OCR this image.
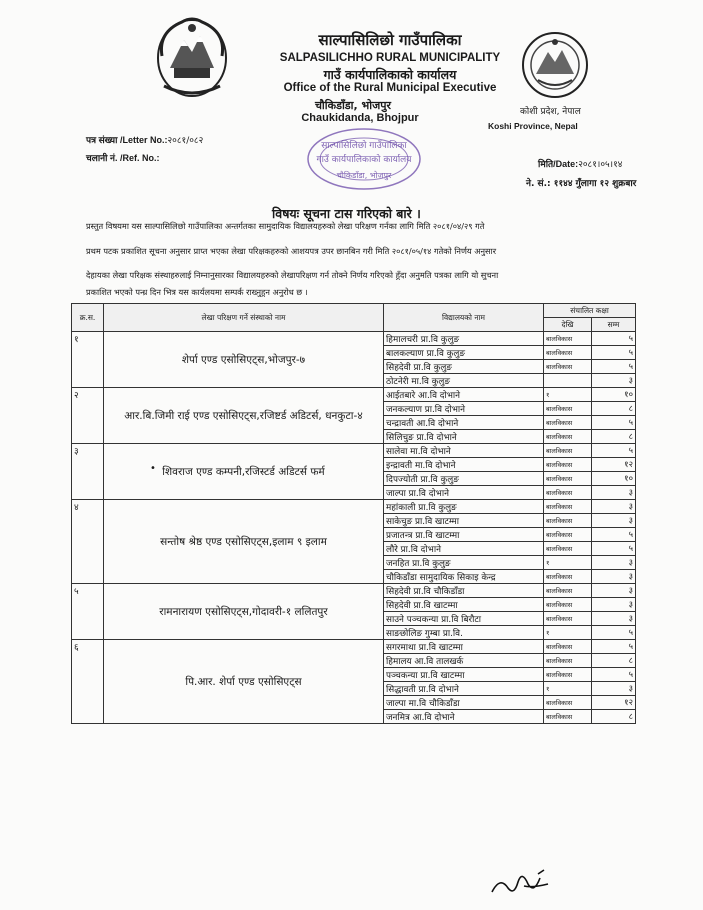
साल्पासिलिछो गाउँपालिका
SALPASILICHHO RURAL MUNICIPALITY
गाउँ कार्यपालिकाको कार्यालय
Office of the Rural Municipal Executive
चौकिडाँडा, भोजपुर
Chaukidanda, Bhojpur	कोशी प्रदेश, नेपाल
Koshi Province, Nepal
साल्पासिलिछो गाउँपालिका
गाउँ कार्यपालिकाको कार्यालय
चौकिडाँडा, भोजपुर
पत्र संख्या /Letter No.:२०८१/०८२
चलानी नं. /Ref. No.:
मिति/Date:२०८१।०५।१४
ने. सं.: ११४४ गुँलागा १२ शुक्रबार
विषयः सूचना टास गरिएको बारे ।
प्रस्तुत विषयमा यस साल्पासिलिछो गाउँपालिका अन्तर्गतका सामुदायिक विद्यालयहरुको लेखा परिक्षण गर्नका लागि मिति २०८१/०४/२९ गते
प्रथम पटक प्रकाशित सूचना अनुसार प्राप्त भएका लेखा परिक्षकहरुको आशयपत्र उपर छानबिन गरी मिति २०८१/०५/१४ गतेको निर्णय अनुसार
देहायका लेखा परिक्षक संस्थाहरुलाई निम्नानुसारका विद्यालयहरुको लेखापरिक्षण गर्न तोक्ने निर्णय गरिएको हुँदा अनुमति पत्रका लागि यो सुचना
प्रकाशित भएको पन्ध्र दिन भित्र यस कार्यलयमा सम्पर्क राख्नुहुन अनुरोध छ ।
क्र.स.	लेखा परिक्षण गर्ने संस्थाको नाम	विद्यालयको नाम	संचालित कक्षा	
			देखि	सम्म
१	शेर्पा एण्ड एसोसिएट्स,भोजपुर-७	हिमालचरी प्रा.वि कुलुङ	बालविकास	५
		बालकल्याण प्रा.वि कुलुङ	बालविकास	५
		सिहदेवी प्रा.वि कुलुङ	बालविकास	५
		ठोटनेरी मा.वि कुलुङ		३
२	आर.बि.जिमी राई एण्ड एसोसिएट्स,रजिष्टर्ड अडिटर्स, धनकुटा-४	आईतबारे आ.वि दोभाने	१	१०
		जनकल्याण प्रा.वि दोभाने	बालविकास	८
		चन्द्रावती आ.वि दोभाने	बालविकास	५
		सिलिचुङ प्रा.वि दोभाने	बालविकास	८
३	शिवराज एण्ड कम्पनी,रजिस्टर्ड अडिटर्स फर्म	सालेवा मा.वि दोभाने	बालविकास	५
		इन्द्रावती मा.वि दोभाने	बालविकास	१२
		दिपज्योती प्रा.वि कुलुङ	बालविकास	१०
		जाल्पा प्रा.वि दोभाने	बालविकास	३
४	सन्तोष श्रेष्ठ एण्ड एसोसिएट्स,इलाम ९ इलाम	महांकाली प्रा.वि कुलुङ	बालविकास	३
		साकेचुङ प्रा.वि खाटम्मा	बालविकास	३
		प्रजातन्त्र प्रा.वि खाटम्मा	बालविकास	५
		लौरे प्रा.वि दोभाने	बालविकास	५
		जनहित प्रा.वि कुलुङ	१	३
		चौकिडाँडा सामुदायिक सिकाइ केन्द्र	बालविकास	३
५	रामनारायण एसोसिएट्स,गोदावरी-१ ललितपुर	सिहदेवी प्रा.वि चौकिडाँडा	बालविकास	३
		सिहदेवी प्रा.वि खाटम्मा	बालविकास	३
		साउने पञ्चकन्या प्रा.वि बिरौटा	बालविकास	३
		साङछोलिङ गुम्बा प्रा.वि.	१	५
६	पि.आर. शेर्पा एण्ड एसोसिएट्स	सगरमाथा प्रा.वि खाटम्मा	बालविकास	५
		हिमालय आ.वि तालखर्क	बालविकास	८
		पञ्चकन्या प्रा.वि खाटम्मा	बालविकास	५
		सिद्धावती प्रा.वि दोभाने	१	३
		जाल्पा मा.वि चौकिडाँडा	बालविकास	१२
		जनमित्र आ.वि दोभाने	बालविकास	८
•
